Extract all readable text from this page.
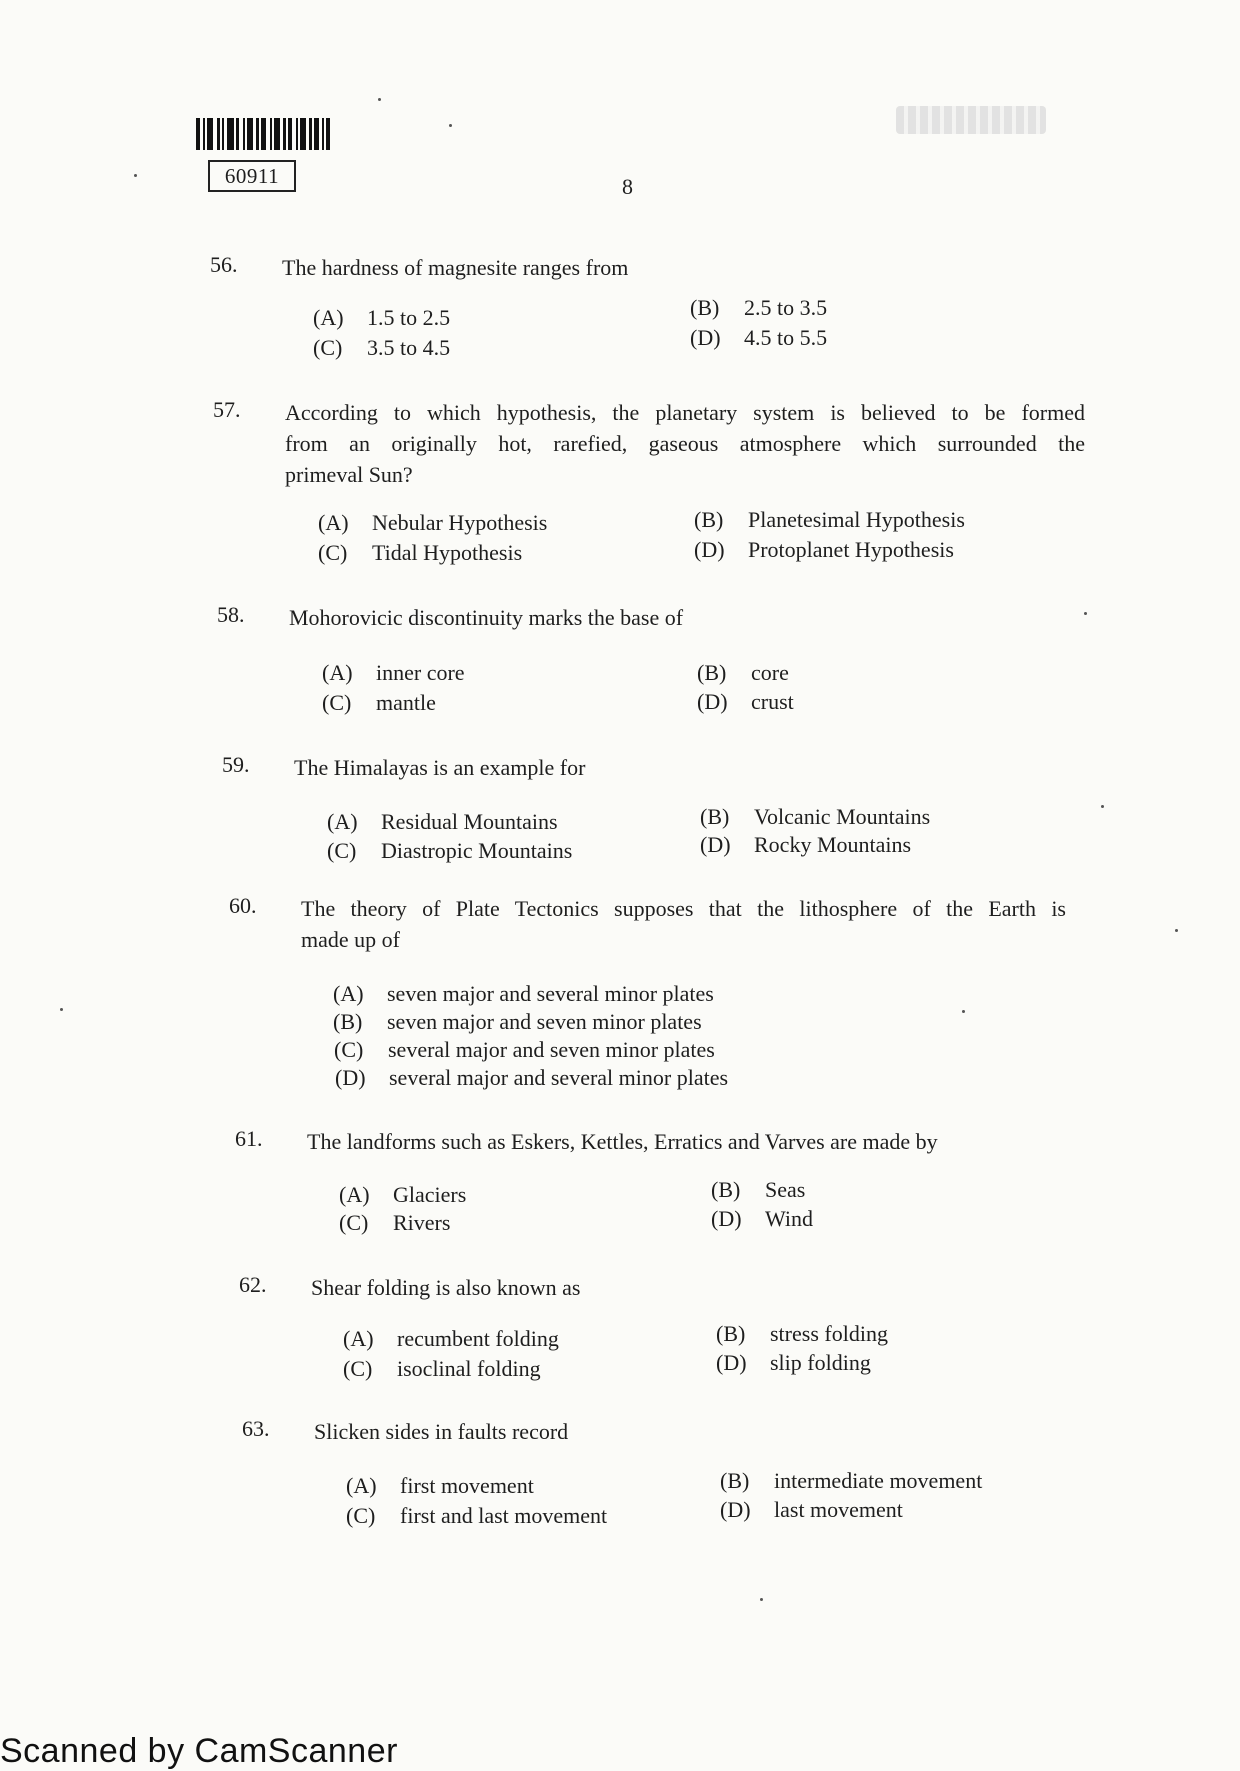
60911	8
56.	The hardness of magnesite ranges from
(A) 1.5 to 2.5	(B) 2.5 to 3.5
(C) 3.5 to 4.5	(D) 4.5 to 5.5
57.	According to which hypothesis, the planetary system is believed to be formed
from an originally hot, rarefied, gaseous atmosphere which surrounded the
primeval Sun?
(A) Nebular Hypothesis	(B) Planetesimal Hypothesis
(C) Tidal Hypothesis	(D) Protoplanet Hypothesis
58.	Mohorovicic discontinuity marks the base of
(A) inner core	(B) core
(C) mantle	(D) crust
59.	The Himalayas is an example for
(A) Residual Mountains	(B) Volcanic Mountains
(C) Diastropic Mountains	(D) Rocky Mountains
60.	The theory of Plate Tectonics supposes that the lithosphere of the Earth is
made up of
(A) seven major and several minor plates
(B) seven major and seven minor plates
(C) several major and seven minor plates
(D) several major and several minor plates
61.	The landforms such as Eskers, Kettles, Erratics and Varves are made by
(A) Glaciers	(B) Seas
(C) Rivers	(D) Wind
62.	Shear folding is also known as
(A) recumbent folding	(B) stress folding
(C) isoclinal folding	(D) slip folding
63.	Slicken sides in faults record
(A) first movement	(B) intermediate movement
(C) first and last movement	(D) last movement
Scanned by CamScanner
